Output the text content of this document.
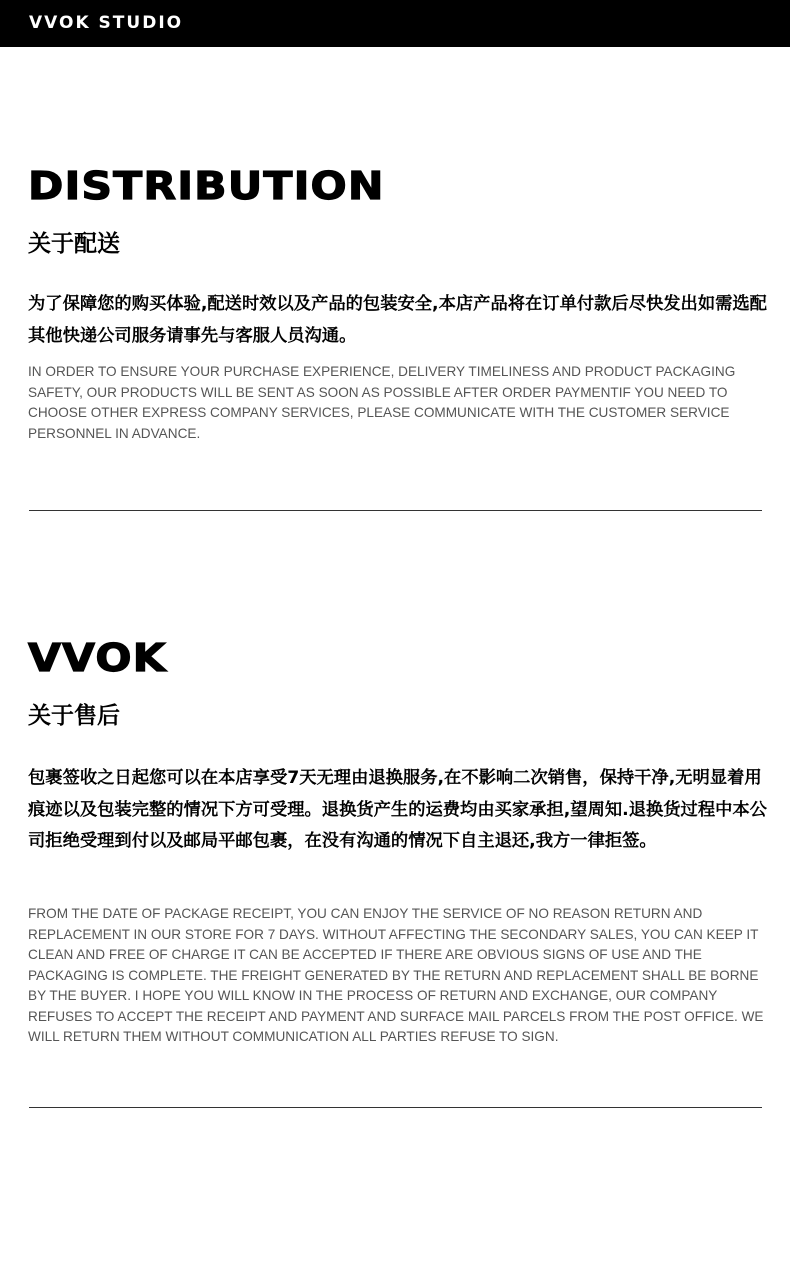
VVOK STUDIO
DISTRIBUTION
关于配送
为了保障您的购买体验,配送时效以及产品的包装安全,本店产品将在订单付款后尽快发出如需选配其他快递公司服务请事先与客服人员沟通。
IN ORDER TO ENSURE YOUR PURCHASE EXPERIENCE, DELIVERY TIMELINESS AND PRODUCT PACKAGING SAFETY, OUR PRODUCTS WILL BE SENT AS SOON AS POSSIBLE AFTER ORDER PAYMENTIF YOU NEED TO CHOOSE OTHER EXPRESS COMPANY SERVICES, PLEASE COMMUNICATE WITH THE CUSTOMER SERVICE PERSONNEL IN ADVANCE.
VVOK
关于售后
包裹签收之日起您可以在本店享受7天无理由退换服务,在不影响二次销售，保持干净,无明显着用痕迹以及包装完整的情况下方可受理。退换货产生的运费均由买家承担,望周知.退换货过程中本公司拒绝受理到付以及邮局平邮包裹，在没有沟通的情况下自主退还,我方一律拒签。
FROM THE DATE OF PACKAGE RECEIPT, YOU CAN ENJOY THE SERVICE OF NO REASON RETURN AND REPLACEMENT IN OUR STORE FOR 7 DAYS. WITHOUT AFFECTING THE SECONDARY SALES, YOU CAN KEEP IT CLEAN AND FREE OF CHARGE IT CAN BE ACCEPTED IF THERE ARE OBVIOUS SIGNS OF USE AND THE PACKAGING IS COMPLETE. THE FREIGHT GENERATED BY THE RETURN AND REPLACEMENT SHALL BE BORNE BY THE BUYER. I HOPE YOU WILL KNOW IN THE PROCESS OF RETURN AND EXCHANGE, OUR COMPANY REFUSES TO ACCEPT THE RECEIPT AND PAYMENT AND SURFACE MAIL PARCELS FROM THE POST OFFICE. WE WILL RETURN THEM WITHOUT COMMUNICATION ALL PARTIES REFUSE TO SIGN.
